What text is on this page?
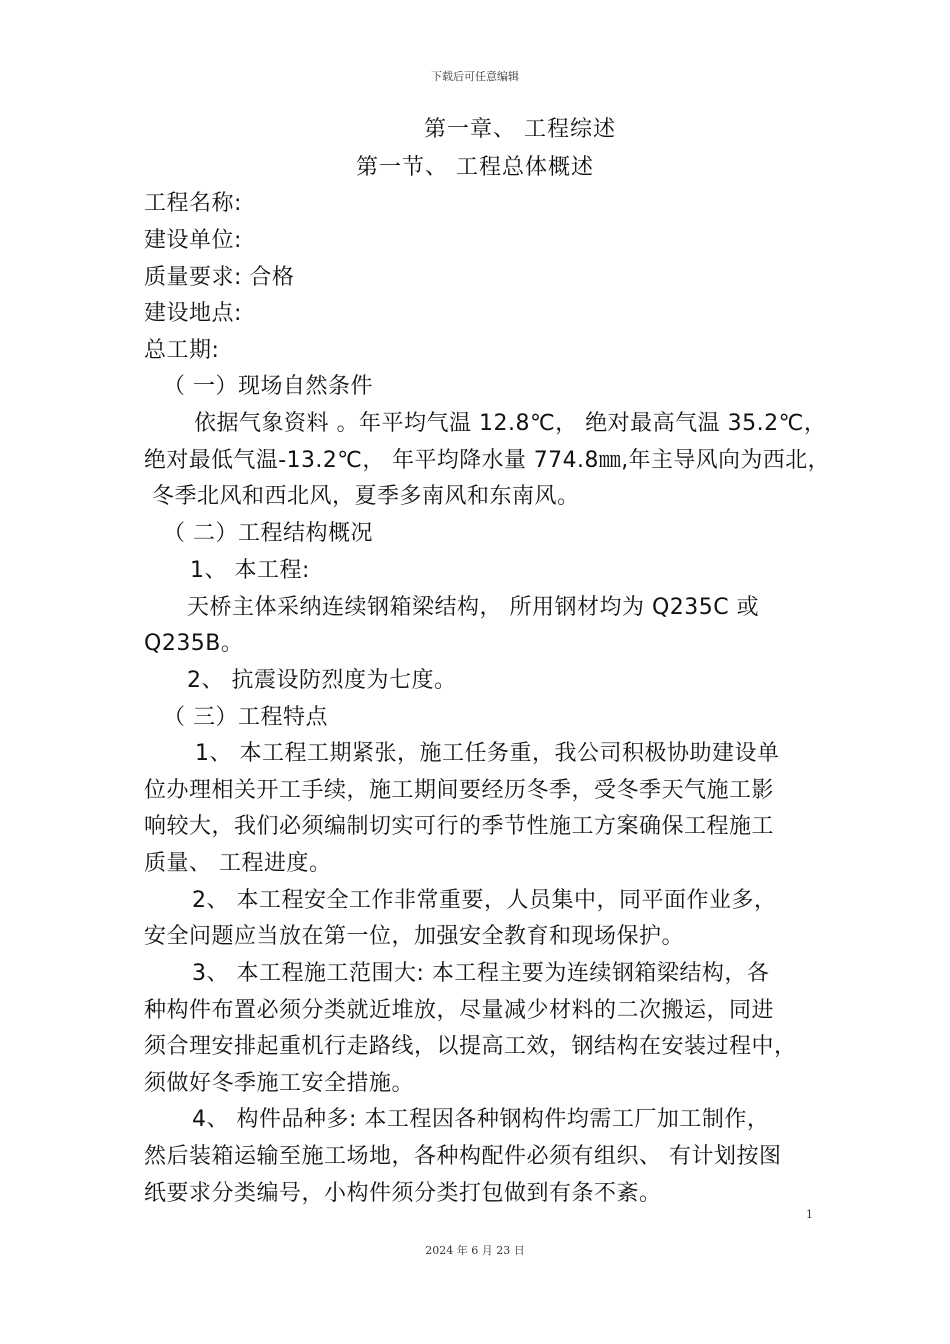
下载后可任意编辑
第一章、 工程综述
第一节、 工程总体概述
工程名称:
建设单位:
质量要求: 合格
建设地点:
总工期:
（ 一）现场自然条件
依据气象资料 。年平均气温 12.8℃， 绝对最高气温 35.2℃，
绝对最低气温-13.2℃， 年平均降水量 774.8㎜,年主导风向为西北，
冬季北风和西北风，夏季多南风和东南风。
（ 二）工程结构概况
1、 本工程:
天桥主体采纳连续钢箱梁结构， 所用钢材均为 Q235C 或
Q235B。
2、 抗震设防烈度为七度。
（ 三）工程特点
1、 本工程工期紧张，施工任务重，我公司积极协助建设单
位办理相关开工手续，施工期间要经历冬季，受冬季天气施工影
响较大，我们必须编制切实可行的季节性施工方案确保工程施工
质量、 工程进度。
2、 本工程安全工作非常重要，人员集中，同平面作业多，
安全问题应当放在第一位，加强安全教育和现场保护。
3、 本工程施工范围大: 本工程主要为连续钢箱梁结构，各
种构件布置必须分类就近堆放，尽量减少材料的二次搬运，同进
须合理安排起重机行走路线，以提高工效，钢结构在安装过程中，
须做好冬季施工安全措施。
4、 构件品种多: 本工程因各种钢构件均需工厂加工制作，
然后装箱运输至施工场地，各种构配件必须有组织、 有计划按图
纸要求分类编号，小构件须分类打包做到有条不紊。
1
2024 年 6 月 23 日
